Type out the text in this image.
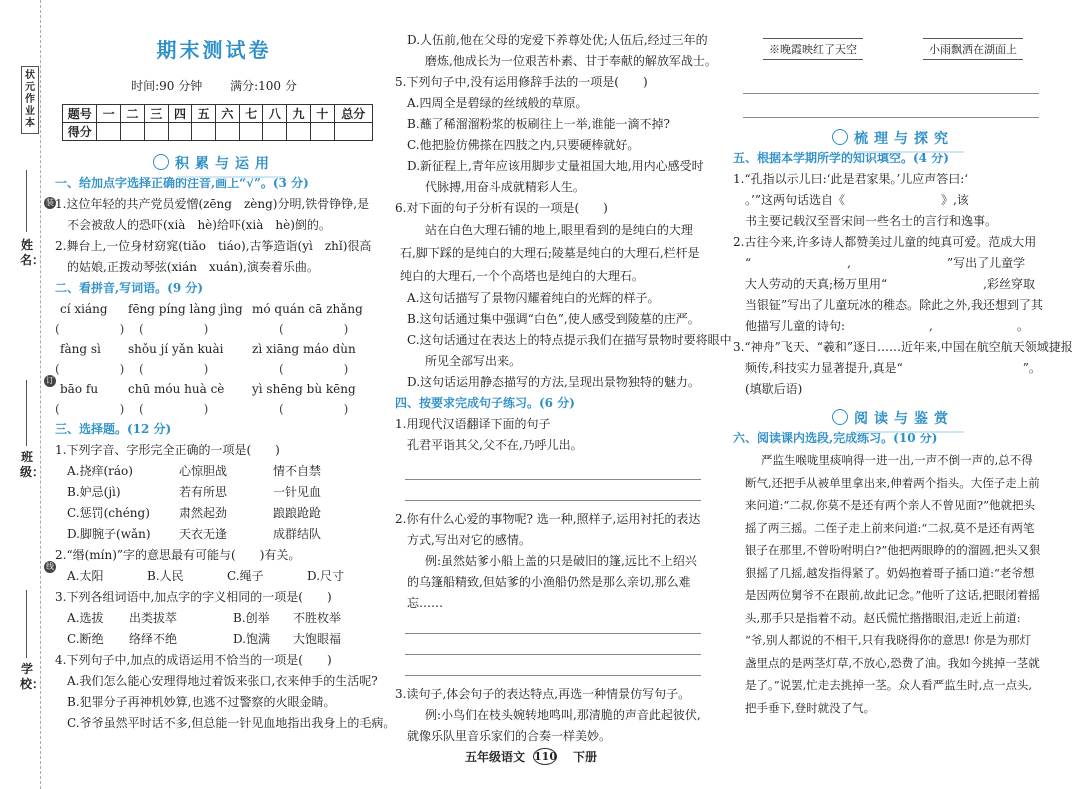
状元作业本
姓名：
班级：
学校：
装
订
线
期末测试卷
时间:90 分钟　　 满分:100 分
题号	一	二	三	四	五	六	七	八	九	十	总分
得分											
积累与运用
一、给加点字选择正确的注音,画上“√”。(3 分)
1.这位年轻的共产党员爱憎(zēng　zèng)分明,铁骨铮铮,是
不会被敌人的恐吓(xià　hè)给吓(xià　hè)倒的。
2.舞台上,一位身材窈窕(tiǎo　tiáo),古筝造诣(yì　zhǐ)很高
的姑娘,正拨动琴弦(xián　xuán),演奏着乐曲。
二、看拼音,写词语。(9 分)
cí xiáng	fēng píng làng jìng mó quán cā zhǎng
(　　　　　)	(　　　　　)	(　　　　　)
fàng sì	shǒu jí yǎn kuài	zì xiāng máo dùn
(　　　　　)	(　　　　　)	(　　　　　)
bāo fu	chū móu huà cè	yì shēng bù kēng
(　　　　　)	(　　　　　)	(　　　　　)
三、选择题。(12 分)
1.下列字音、字形完全正确的一项是(　　)
A.挠痒(ráo)	心惊胆战	情不自禁
B.妒忌(jì)	若有所思	一针见血
C.惩罚(chéng)	肃然起劲	踉踉跄跄
D.脚腕子(wǎn)	天衣无逢	成群结队
2.“缗(mín)”字的意思最有可能与(　　)有关。
A.太阳	B.人民	C.绳子	D.尺寸
3.下列各组词语中,加点字的字义相同的一项是(　　)
A.选拔	出类拔萃	B.创举	不胜枚举
C.断绝	络绎不绝	D.饱满	大饱眼福
4.下列句子中,加点的成语运用不恰当的一项是(　　)
A.我们怎么能心安理得地过着饭来张口,衣来伸手的生活呢?
B.犯罪分子再神机妙算,也逃不过警察的火眼金睛。
C.爷爷虽然平时话不多,但总能一针见血地指出我身上的毛病。
D.人伍前,他在父母的宠爱下养尊处优;人伍后,经过三年的
磨炼,他成长为一位艰苦朴素、甘于奉献的解放军战士。
5.下列句子中,没有运用修辞手法的一项是(　　)
A.四周全是碧绿的丝绒般的草原。
B.蘸了稀溜溜粉浆的板刷往上一举,谁能一滴不掉?
C.他把脸仿佛搽在四肢之内,只要硬棒就好。
D.新征程上,青年应该用脚步丈量祖国大地,用内心感受时
代脉搏,用奋斗成就精彩人生。
6.对下面的句子分析有误的一项是(　　)
站在白色大理石铺的地上,眼里看到的是纯白的大理
石,脚下踩的是纯白的大理石;陵墓是纯白的大理石,栏杆是
纯白的大理石,一个个高塔也是纯白的大理石。
A.这句话描写了景物闪耀着纯白的光辉的样子。
B.这句话通过集中强调“白色”,使人感受到陵墓的庄严。
C.这句话通过在表达上的特点提示我们在描写景物时要将眼中
所见全部写出来。
D.这句话运用静态描写的方法,呈现出景物独特的魅力。
四、按要求完成句子练习。(6 分)
1.用现代汉语翻译下面的句子
孔君平诣其父,父不在,乃呼儿出。
2.你有什么心爱的事物呢? 选一种,照样子,运用衬托的表达
方式,写出对它的感情。
例:虽然姑爹小船上盖的只是破旧的篷,远比不上绍兴
的乌篷船精致,但姑爹的小渔船仍然是那么亲切,那么难
忘……
3.读句子,体会句子的表达特点,再选一种情景仿写句子。
例:小鸟们在枝头婉转地鸣叫,那清脆的声音此起彼伏,
就像乐队里音乐家们的合奏一样美妙。
※晚霞映红了天空	小雨飘洒在湖面上
梳理与探究
五、根据本学期所学的知识填空。(4 分)
1.“孔指以示儿曰:‘此是君家果。’儿应声答曰:‘
。’”这两句话选自《　　　　　　　　》,该
书主要记载汉至晋宋间一些名士的言行和逸事。
2.古往今来,许多诗人都赞美过儿童的纯真可爱。范成大用
“　　　　　　　　,　　　　　　　　”写出了儿童学
大人劳动的天真;杨万里用“　　　　　　　　,彩丝穿取
当银钲”写出了儿童玩冰的稚态。除此之外,我还想到了其
他描写儿童的诗句:　　　　　　　,　　　　　　　。
3.“神舟”飞天、“羲和”逐日……近年来,中国在航空航天领域捷报
频传,科技实力显著提升,真是“　　　　　　　　　　”。
(填歇后语)
阅读与鉴赏
六、阅读课内选段,完成练习。(10 分)
严监生喉咙里痰响得一进一出,一声不倒一声的,总不得
断气,还把手从被单里拿出来,伸着两个指头。大侄子走上前
来问道:“二叔,你莫不是还有两个亲人不曾见面?”他就把头
摇了两三摇。二侄子走上前来问道:“二叔,莫不是还有两笔
银子在那里,不曾吩咐明白?”他把两眼睁的的溜圆,把头又狠
狠摇了几摇,越发指得紧了。奶妈抱着哥子插口道:“老爷想
是因两位舅爷不在跟前,故此记念。”他听了这话,把眼闭着摇
头,那手只是指着不动。赵氏慌忙揩揩眼泪,走近上前道:
“爷,别人都说的不相干,只有我晓得你的意思! 你是为那灯
盏里点的是两茎灯草,不放心,恐费了油。我如今挑掉一茎就
是了。”说罢,忙走去挑掉一茎。众人看严监生时,点一点头,
把手垂下,登时就没了气。
五年级语文 110 下册
